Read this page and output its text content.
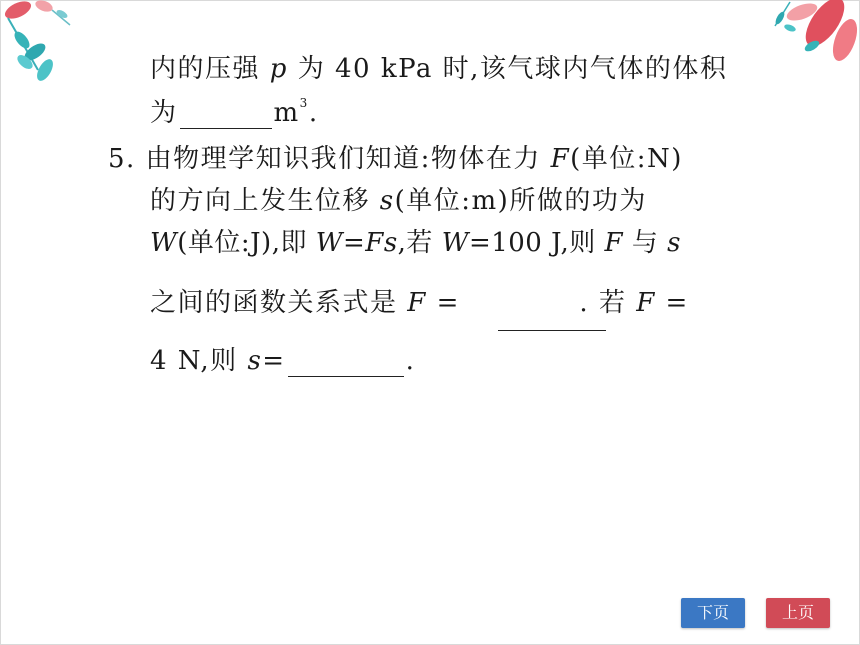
内的压强 p 为 40 kPa 时,该气球内气体的体积
为	$m^3$.
5. 由物理学知识我们知道:物体在力 F(单位:N)
的方向上发生位移 s(单位:m)所做的功为
W(单位:J),即 W=Fs,若 W=100 J,则 F 与 s
之间的函数关系式是 F =	. 若 F =
4 N,则 s=	.
下页	上页
